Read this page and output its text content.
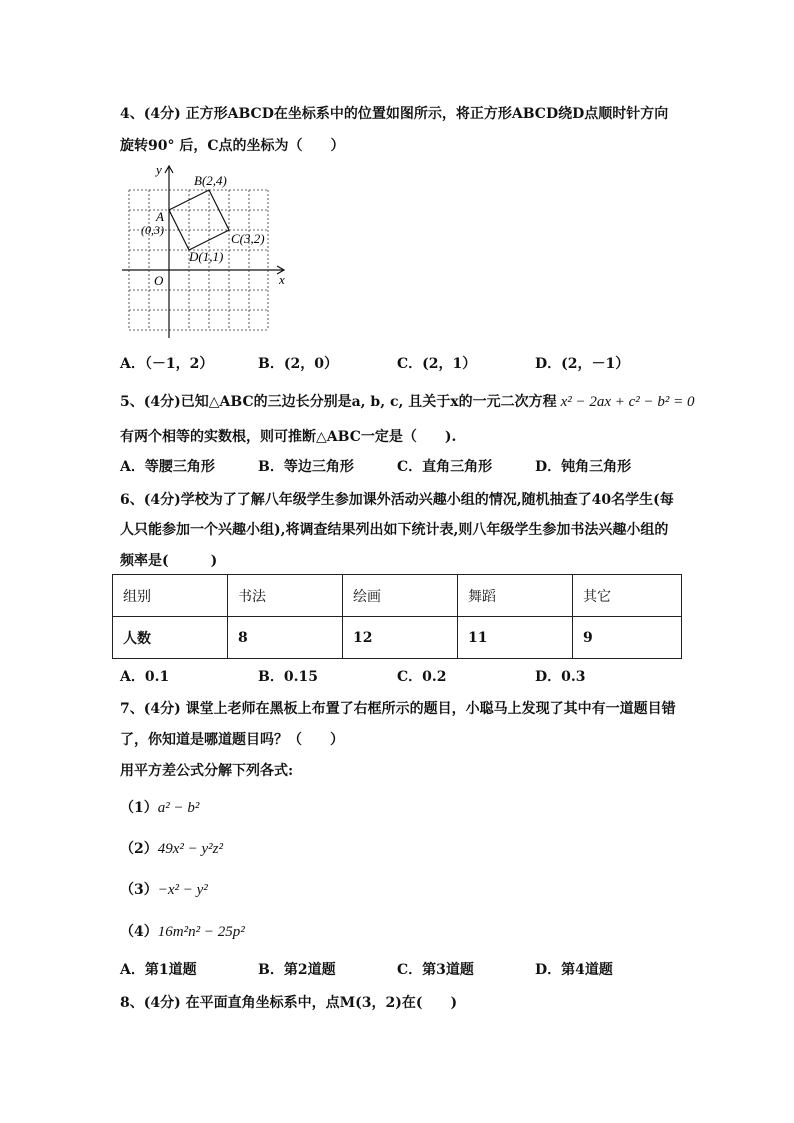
4、(4分) 正方形ABCD在坐标系中的位置如图所示，将正方形ABCD绕D点顺时针方向
旋转90° 后，C点的坐标为（　　）
y
x
O
A
(0,3)
B(2,4)
C(3,2)
D(1,1)
A．（－1，2）	B．(2，0）	C．(2，1）	D．(2，－1）
5、(4分)已知△ABC的三边长分别是a, b, c, 且关于x的一元二次方程 x² − 2ax + c² − b² = 0
有两个相等的实数根，则可推断△ABC一定是（　　).
A．等腰三角形	B．等边三角形	C．直角三角形	D．钝角三角形
6、(4分)学校为了了解八年级学生参加课外活动兴趣小组的情况,随机抽查了40名学生(每
人只能参加一个兴趣小组),将调查结果列出如下统计表,则八年级学生参加书法兴趣小组的
频率是(　　　)
组别	书法	绘画	舞蹈	其它
人数	8	12	11	9
A．0.1	B．0.15	C．0.2	D．0.3
7、(4分) 课堂上老师在黑板上布置了右框所示的题目，小聪马上发现了其中有一道题目错
了，你知道是哪道题目吗？（　　）
用平方差公式分解下列各式:
（1）a² − b²
（2）49x² − y²z²
（3）−x² − y²
（4）16m²n² − 25p²
A．第1道题	B．第2道题	C．第3道题	D．第4道题
8、(4分) 在平面直角坐标系中，点M(3，2)在(　　)
